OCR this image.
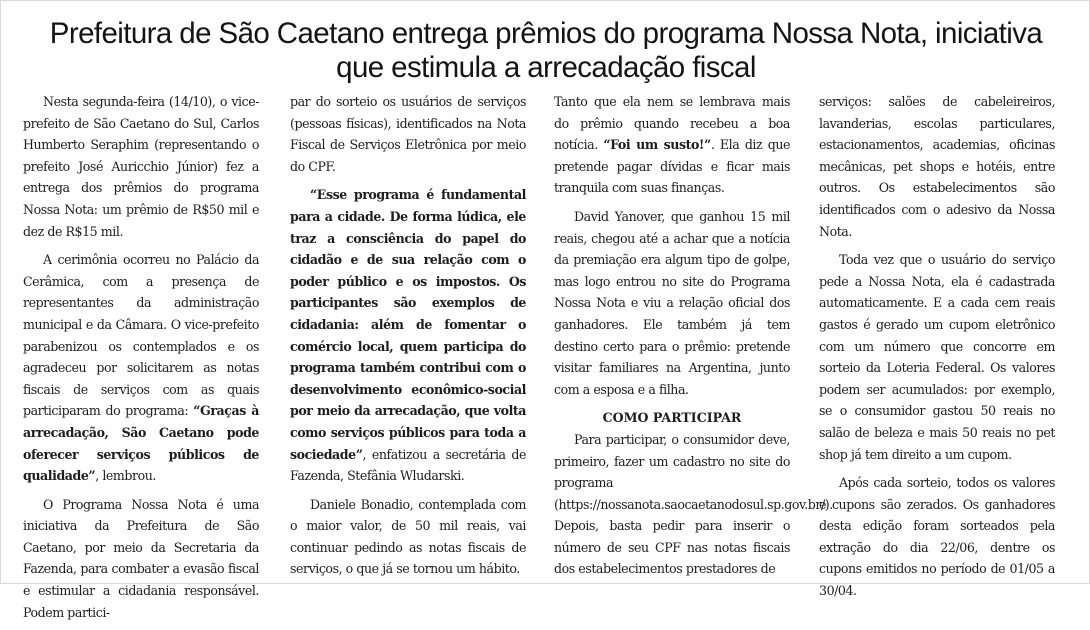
Prefeitura de São Caetano entrega prêmios do programa Nossa Nota, iniciativa que estimula a arrecadação fiscal

Nesta segunda-feira (14/10), o vice-prefeito de São Caetano do Sul, Carlos Humberto Seraphim (representando o prefeito José Auricchio Júnior) fez a entrega dos prêmios do programa Nossa Nota: um prêmio de R$50 mil e dez de R$15 mil.

A cerimônia ocorreu no Palácio da Cerâmica, com a presença de representantes da administração municipal e da Câmara. O vice-prefeito parabenizou os contemplados e os agradeceu por solicitarem as notas fiscais de serviços com as quais participaram do programa: “Graças à arrecadação, São Caetano pode oferecer serviços públicos de qualidade”, lembrou.

O Programa Nossa Nota é uma iniciativa da Prefeitura de São Caetano, por meio da Secretaria da Fazenda, para combater a evasão fiscal e estimular a cidadania responsável. Podem partici-

par do sorteio os usuários de serviços (pessoas físicas), identificados na Nota Fiscal de Serviços Eletrônica por meio do CPF.

“Esse programa é fundamental para a cidade. De forma lúdica, ele traz a consciência do papel do cidadão e de sua relação com o poder público e os impostos. Os participantes são exemplos de cidadania: além de fomentar o comércio local, quem participa do programa também contribui com o desenvolvimento econômico-social por meio da arrecadação, que volta como serviços públicos para toda a sociedade”, enfatizou a secretária de Fazenda, Stefânia Wludarski.

Daniele Bonadio, contemplada com o maior valor, de 50 mil reais, vai continuar pedindo as notas fiscais de serviços, o que já se tornou um hábito.

Tanto que ela nem se lembrava mais do prêmio quando recebeu a boa notícia. “Foi um susto!”. Ela diz que pretende pagar dívidas e ficar mais tranquila com suas finanças.

David Yanover, que ganhou 15 mil reais, chegou até a achar que a notícia da premiação era algum tipo de golpe, mas logo entrou no site do Programa Nossa Nota e viu a relação oficial dos ganhadores. Ele também já tem destino certo para o prêmio: pretende visitar familiares na Argentina, junto com a esposa e a filha.

COMO PARTICIPAR

Para participar, o consumidor deve, primeiro, fazer um cadastro no site do programa (https://nossanota.saocaetanodosul.sp.gov.br/). Depois, basta pedir para inserir o número de seu CPF nas notas fiscais dos estabelecimentos prestadores de

serviços: salões de cabeleireiros, lavanderias, escolas particulares, estacionamentos, academias, oficinas mecânicas, pet shops e hotéis, entre outros. Os estabelecimentos são identificados com o adesivo da Nossa Nota.

Toda vez que o usuário do serviço pede a Nossa Nota, ela é cadastrada automaticamente. E a cada cem reais gastos é gerado um cupom eletrônico com um número que concorre em sorteio da Loteria Federal. Os valores podem ser acumulados: por exemplo, se o consumidor gastou 50 reais no salão de beleza e mais 50 reais no pet shop já tem direito a um cupom.

Após cada sorteio, todos os valores e cupons são zerados. Os ganhadores desta edição foram sorteados pela extração do dia 22/06, dentre os cupons emitidos no período de 01/05 a 30/04.
